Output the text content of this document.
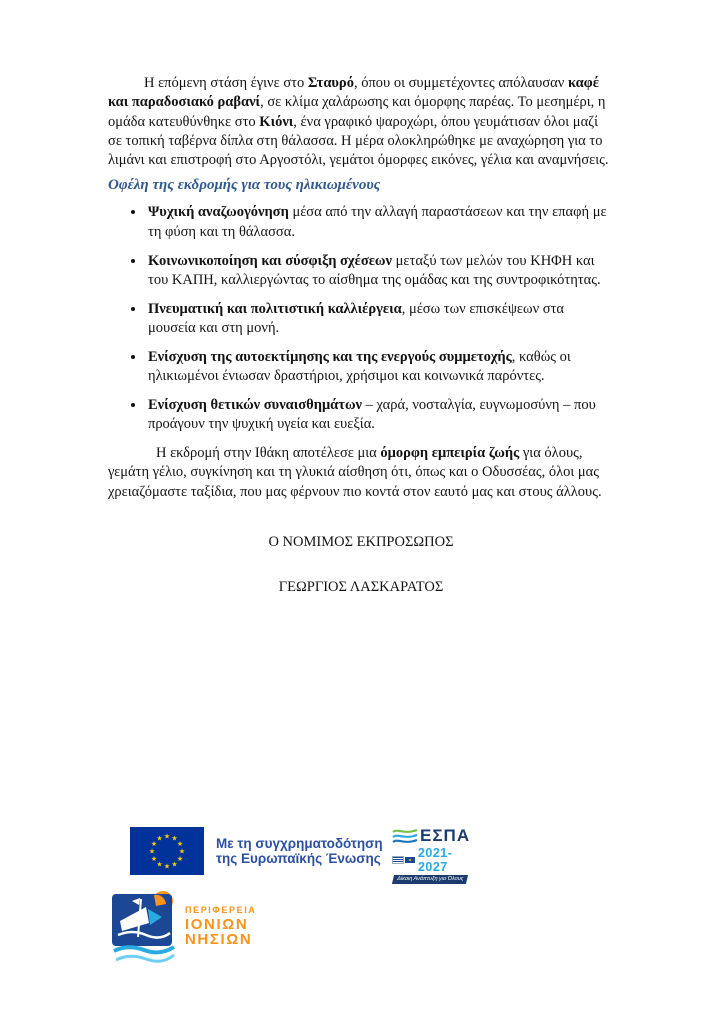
Η επόμενη στάση έγινε στο Σταυρό, όπου οι συμμετέχοντες απόλαυσαν καφέ και παραδοσιακό ραβανί, σε κλίμα χαλάρωσης και όμορφης παρέας. Το μεσημέρι, η ομάδα κατευθύνθηκε στο Κιόνι, ένα γραφικό ψαροχώρι, όπου γευμάτισαν όλοι μαζί σε τοπική ταβέρνα δίπλα στη θάλασσα. Η μέρα ολοκληρώθηκε με αναχώρηση για το λιμάνι και επιστροφή στο Αργοστόλι, γεμάτοι όμορφες εικόνες, γέλια και αναμνήσεις.

Οφέλη της εκδρομής για τους ηλικιωμένους
• Ψυχική αναζωογόνηση μέσα από την αλλαγή παραστάσεων και την επαφή με τη φύση και τη θάλασσα.
• Κοινωνικοποίηση και σύσφιξη σχέσεων μεταξύ των μελών του ΚΗΦΗ και του ΚΑΠΗ, καλλιεργώντας το αίσθημα της ομάδας και της συντροφικότητας.
• Πνευματική και πολιτιστική καλλιέργεια, μέσω των επισκέψεων στα μουσεία και στη μονή.
• Ενίσχυση της αυτοεκτίμησης και της ενεργούς συμμετοχής, καθώς οι ηλικιωμένοι ένιωσαν δραστήριοι, χρήσιμοι και κοινωνικά παρόντες.
• Ενίσχυση θετικών συναισθημάτων – χαρά, νοσταλγία, ευγνωμοσύνη – που προάγουν την ψυχική υγεία και ευεξία.

Η εκδρομή στην Ιθάκη αποτέλεσε μια όμορφη εμπειρία ζωής για όλους, γεμάτη γέλιο, συγκίνηση και τη γλυκιά αίσθηση ότι, όπως και ο Οδυσσέας, όλοι μας χρειαζόμαστε ταξίδια, που μας φέρνουν πιο κοντά στον εαυτό μας και στους άλλους.

Ο ΝΟΜΙΜΟΣ ΕΚΠΡΟΣΩΠΟΣ

ΓΕΩΡΓΙΟΣ ΛΑΣΚΑΡΑΤΟΣ

★ ★
★
★
★
★
★
★
★
★
★
★	Με τη συγχρηματοδότηση
της Ευρωπαϊκής Ένωσης
ΕΣΠΑ
2021-2027
Δίκαιη Ανάπτυξη για Όλους
ΠΕΡΙΦΕΡΕΙΑ
ΙΟΝΙΩΝ
ΝΗΣΙΩΝ
